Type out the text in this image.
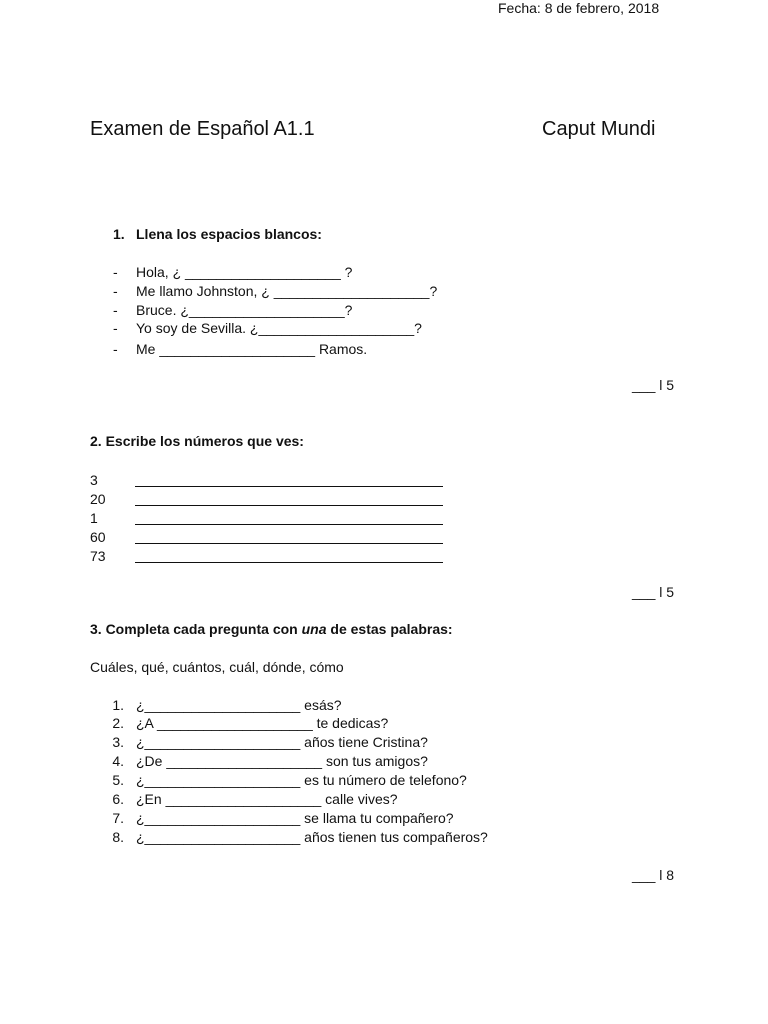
Fecha: 8 de febrero, 2018
Examen de Español A1.1	Caput Mundi
1. Llena los espacios blancos:
- Hola, ¿ ____________________ ?
- Me llamo Johnston, ¿ ____________________?
- Bruce. ¿____________________?
- Yo soy de Sevilla. ¿____________________?
- Me ____________________ Ramos.
___ l 5
2. Escribe los números que ves:
3
20
1
60
73
___ l 5
3. Completa cada pregunta con una de estas palabras:
Cuáles, qué, cuántos, cuál, dónde, cómo
1. ¿____________________ esás?
2. ¿A ____________________ te dedicas?
3. ¿____________________ años tiene Cristina?
4. ¿De ____________________ son tus amigos?
5. ¿____________________ es tu número de telefono?
6. ¿En ____________________ calle vives?
7. ¿____________________ se llama tu compañero?
8. ¿____________________ años tienen tus compañeros?
___ l 8
